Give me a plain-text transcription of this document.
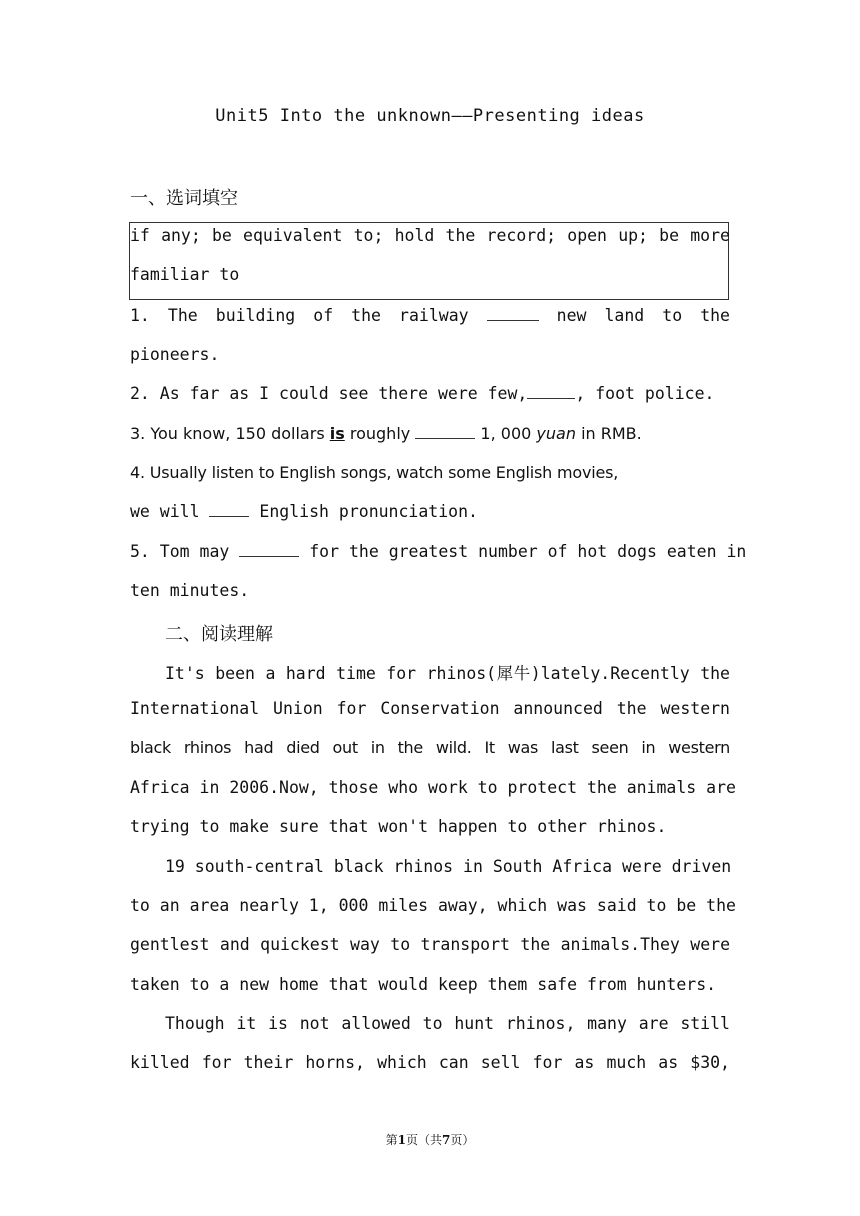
Unit5 Into the unknown——Presenting ideas
一、选词填空
if any; be equivalent to; hold the record; open up; be more
familiar to
1. The building of the railway	new land to the
pioneers.
2. As far as I could see there were few,	, foot police.
3. You know, 150 dollars is roughly	1, 000 yuan in RMB.
4. Usually listen to English songs, watch some English movies,
we will	English pronunciation.
5. Tom may	for the greatest number of hot dogs eaten in
ten minutes.
二、阅读理解
It's been a hard time for rhinos(犀牛)lately.Recently the
International Union for Conservation announced the western
black rhinos had died out in the wild. It was last seen in western
Africa in 2006.Now, those who work to protect the animals are
trying to make sure that won't happen to other rhinos.
19 south-central black rhinos in South Africa were driven
to an area nearly 1, 000 miles away, which was said to be the
gentlest and quickest way to transport the animals.They were
taken to a new home that would keep them safe from hunters.
Though it is not allowed to hunt rhinos, many are still
killed for their horns, which can sell for as much as $30,
第1页（共7页）
